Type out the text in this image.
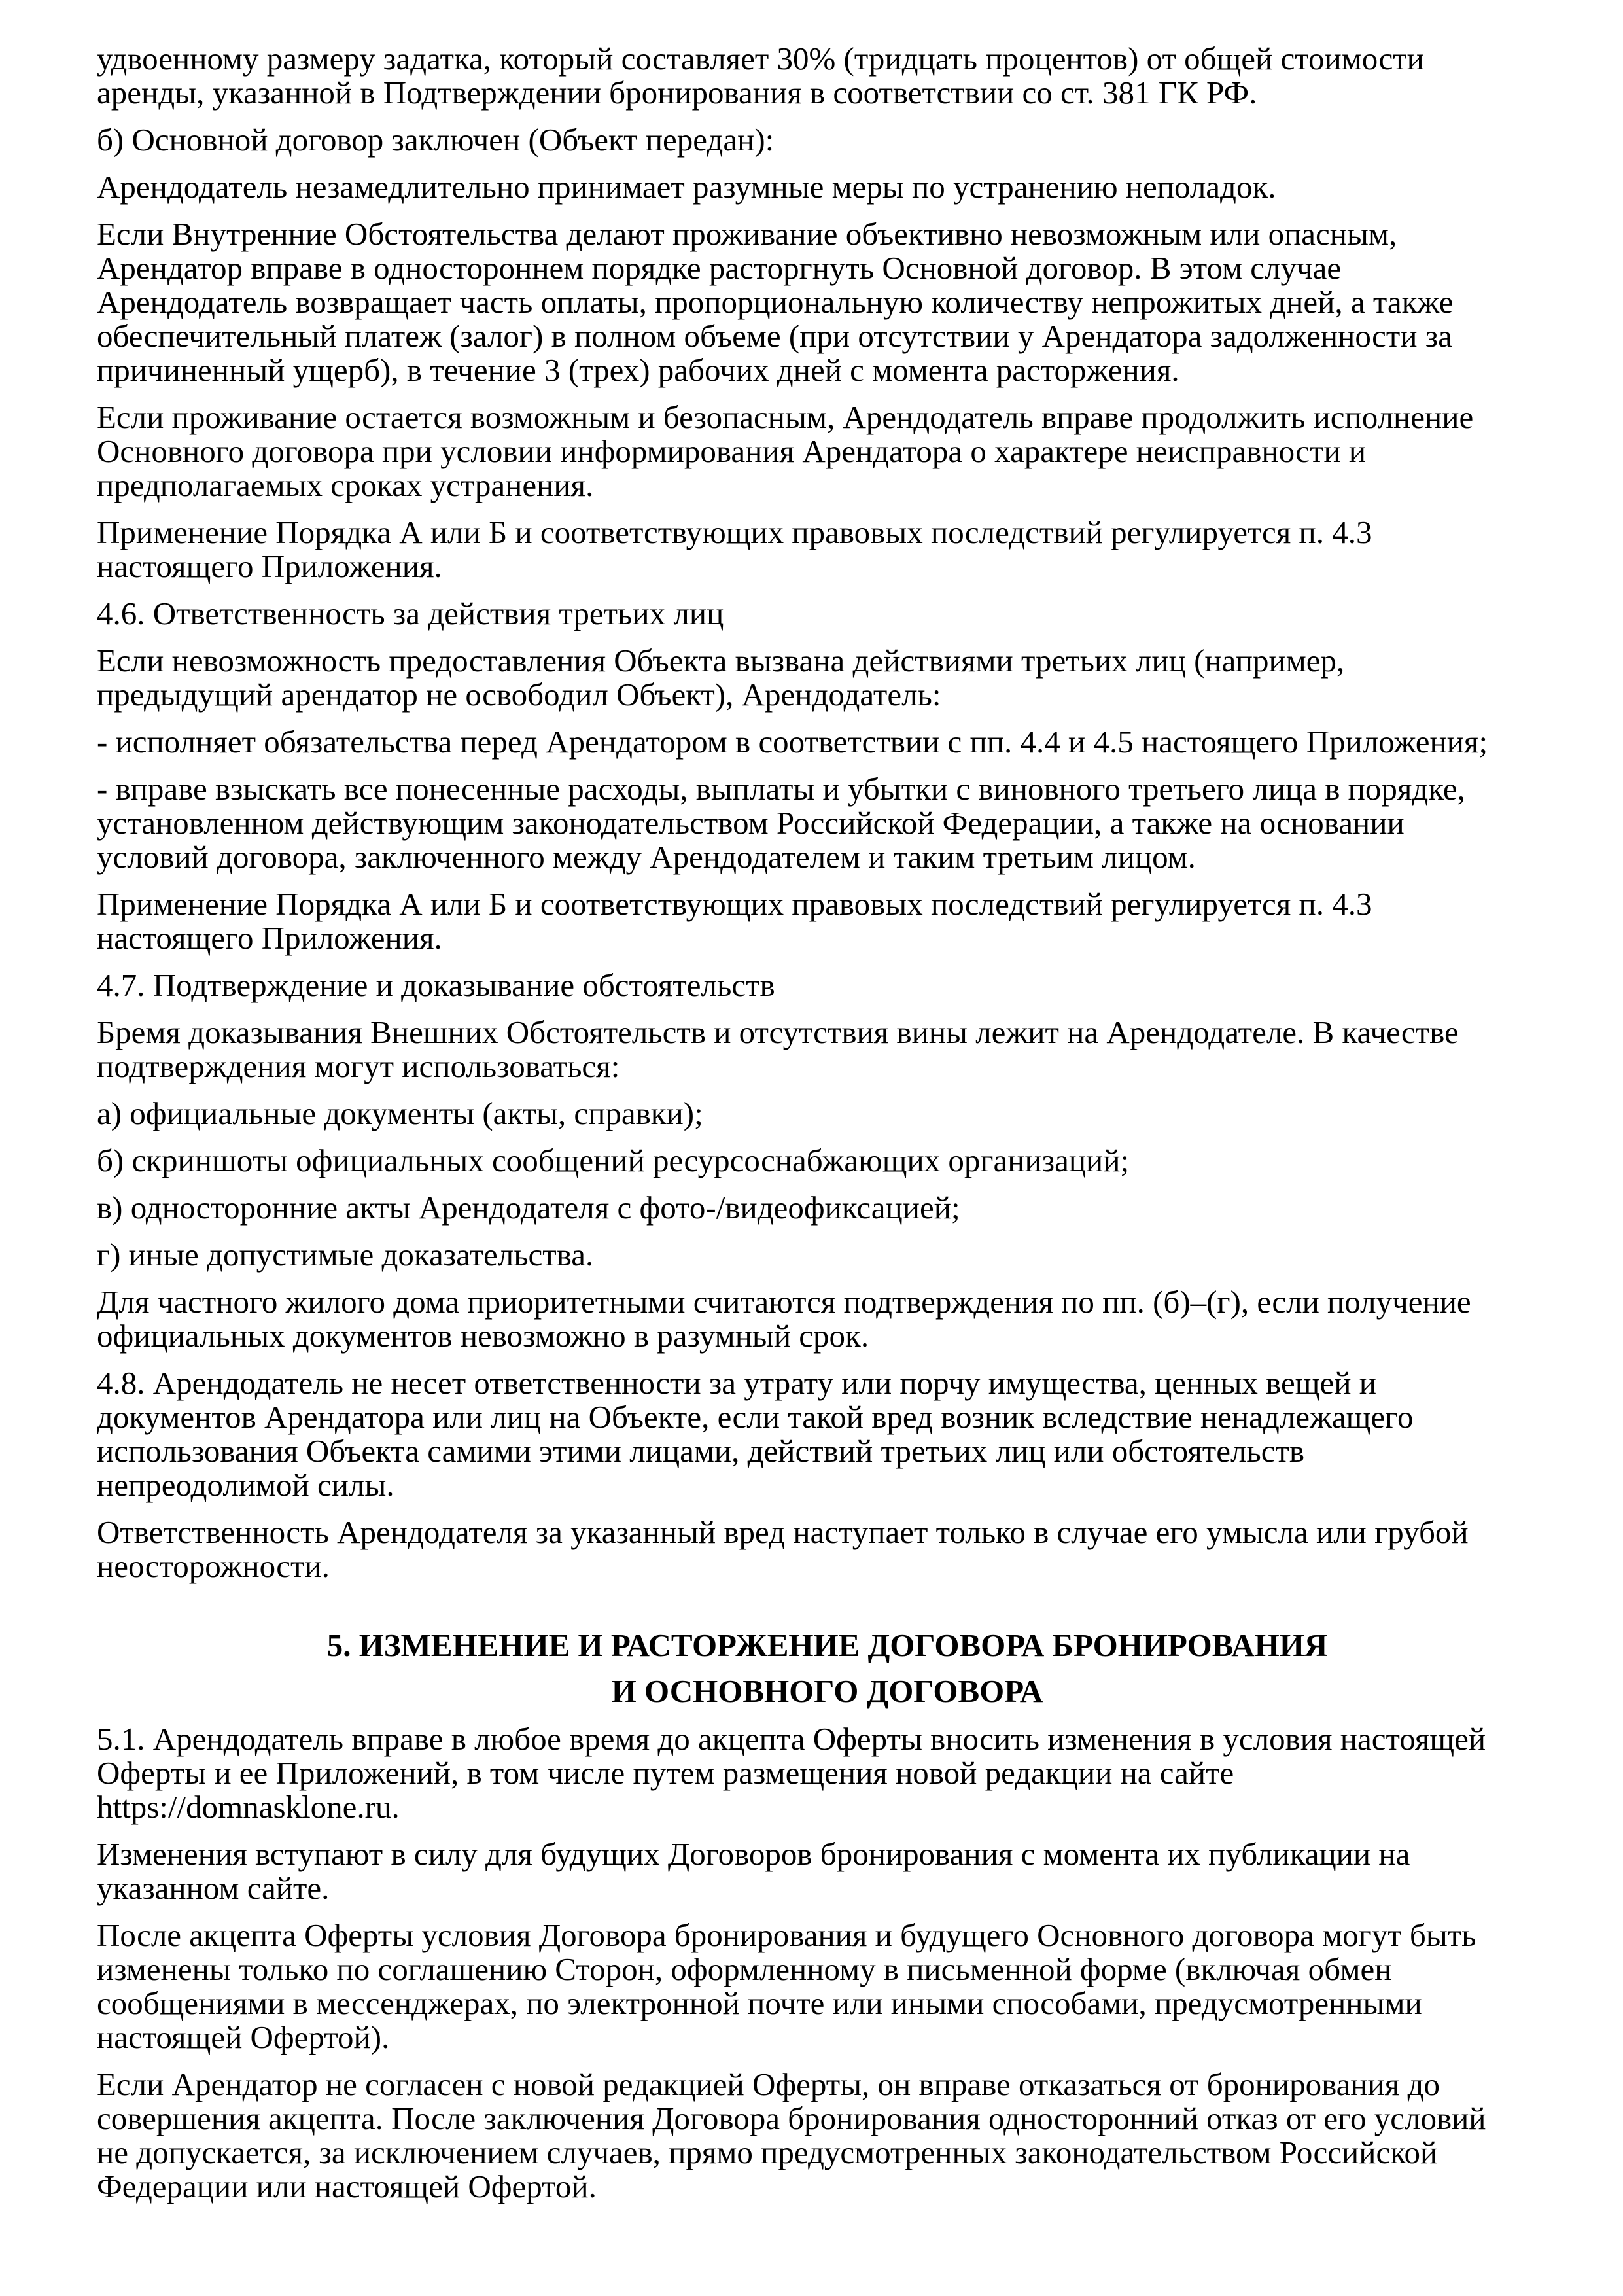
удвоенному размеру задатка, который составляет 30% (тридцать процентов) от общей стоимости
аренды, указанной в Подтверждении бронирования в соответствии со ст. 381 ГК РФ.

б) Основной договор заключен (Объект передан):

Арендодатель незамедлительно принимает разумные меры по устранению неполадок.

Если Внутренние Обстоятельства делают проживание объективно невозможным или опасным,
Арендатор вправе в одностороннем порядке расторгнуть Основной договор. В этом случае
Арендодатель возвращает часть оплаты, пропорциональную количеству непрожитых дней, а также
обеспечительный платеж (залог) в полном объеме (при отсутствии у Арендатора задолженности за
причиненный ущерб), в течение 3 (трех) рабочих дней с момента расторжения.

Если проживание остается возможным и безопасным, Арендодатель вправе продолжить исполнение
Основного договора при условии информирования Арендатора о характере неисправности и
предполагаемых сроках устранения.

Применение Порядка А или Б и соответствующих правовых последствий регулируется п. 4.3
настоящего Приложения.

4.6. Ответственность за действия третьих лиц

Если невозможность предоставления Объекта вызвана действиями третьих лиц (например,
предыдущий арендатор не освободил Объект), Арендодатель:

- исполняет обязательства перед Арендатором в соответствии с пп. 4.4 и 4.5 настоящего Приложения;

- вправе взыскать все понесенные расходы, выплаты и убытки с виновного третьего лица в порядке,
установленном действующим законодательством Российской Федерации, а также на основании
условий договора, заключенного между Арендодателем и таким третьим лицом.

Применение Порядка А или Б и соответствующих правовых последствий регулируется п. 4.3
настоящего Приложения.

4.7. Подтверждение и доказывание обстоятельств

Бремя доказывания Внешних Обстоятельств и отсутствия вины лежит на Арендодателе. В качестве
подтверждения могут использоваться:

а) официальные документы (акты, справки);

б) скриншоты официальных сообщений ресурсоснабжающих организаций;

в) односторонние акты Арендодателя с фото-/видеофиксацией;

г) иные допустимые доказательства.

Для частного жилого дома приоритетными считаются подтверждения по пп. (б)–(г), если получение
официальных документов невозможно в разумный срок.

4.8. Арендодатель не несет ответственности за утрату или порчу имущества, ценных вещей и
документов Арендатора или лиц на Объекте, если такой вред возник вследствие ненадлежащего
использования Объекта самими этими лицами, действий третьих лиц или обстоятельств
непреодолимой силы.

Ответственность Арендодателя за указанный вред наступает только в случае его умысла или грубой
неосторожности.

5. ИЗМЕНЕНИЕ И РАСТОРЖЕНИЕ ДОГОВОРА БРОНИРОВАНИЯ
И ОСНОВНОГО ДОГОВОРА

5.1. Арендодатель вправе в любое время до акцепта Оферты вносить изменения в условия настоящей
Оферты и ее Приложений, в том числе путем размещения новой редакции на сайте
https://domnasklone.ru.

Изменения вступают в силу для будущих Договоров бронирования с момента их публикации на
указанном сайте.

После акцепта Оферты условия Договора бронирования и будущего Основного договора могут быть
изменены только по соглашению Сторон, оформленному в письменной форме (включая обмен
сообщениями в мессенджерах, по электронной почте или иными способами, предусмотренными
настоящей Офертой).

Если Арендатор не согласен с новой редакцией Оферты, он вправе отказаться от бронирования до
совершения акцепта. После заключения Договора бронирования односторонний отказ от его условий
не допускается, за исключением случаев, прямо предусмотренных законодательством Российской
Федерации или настоящей Офертой.
